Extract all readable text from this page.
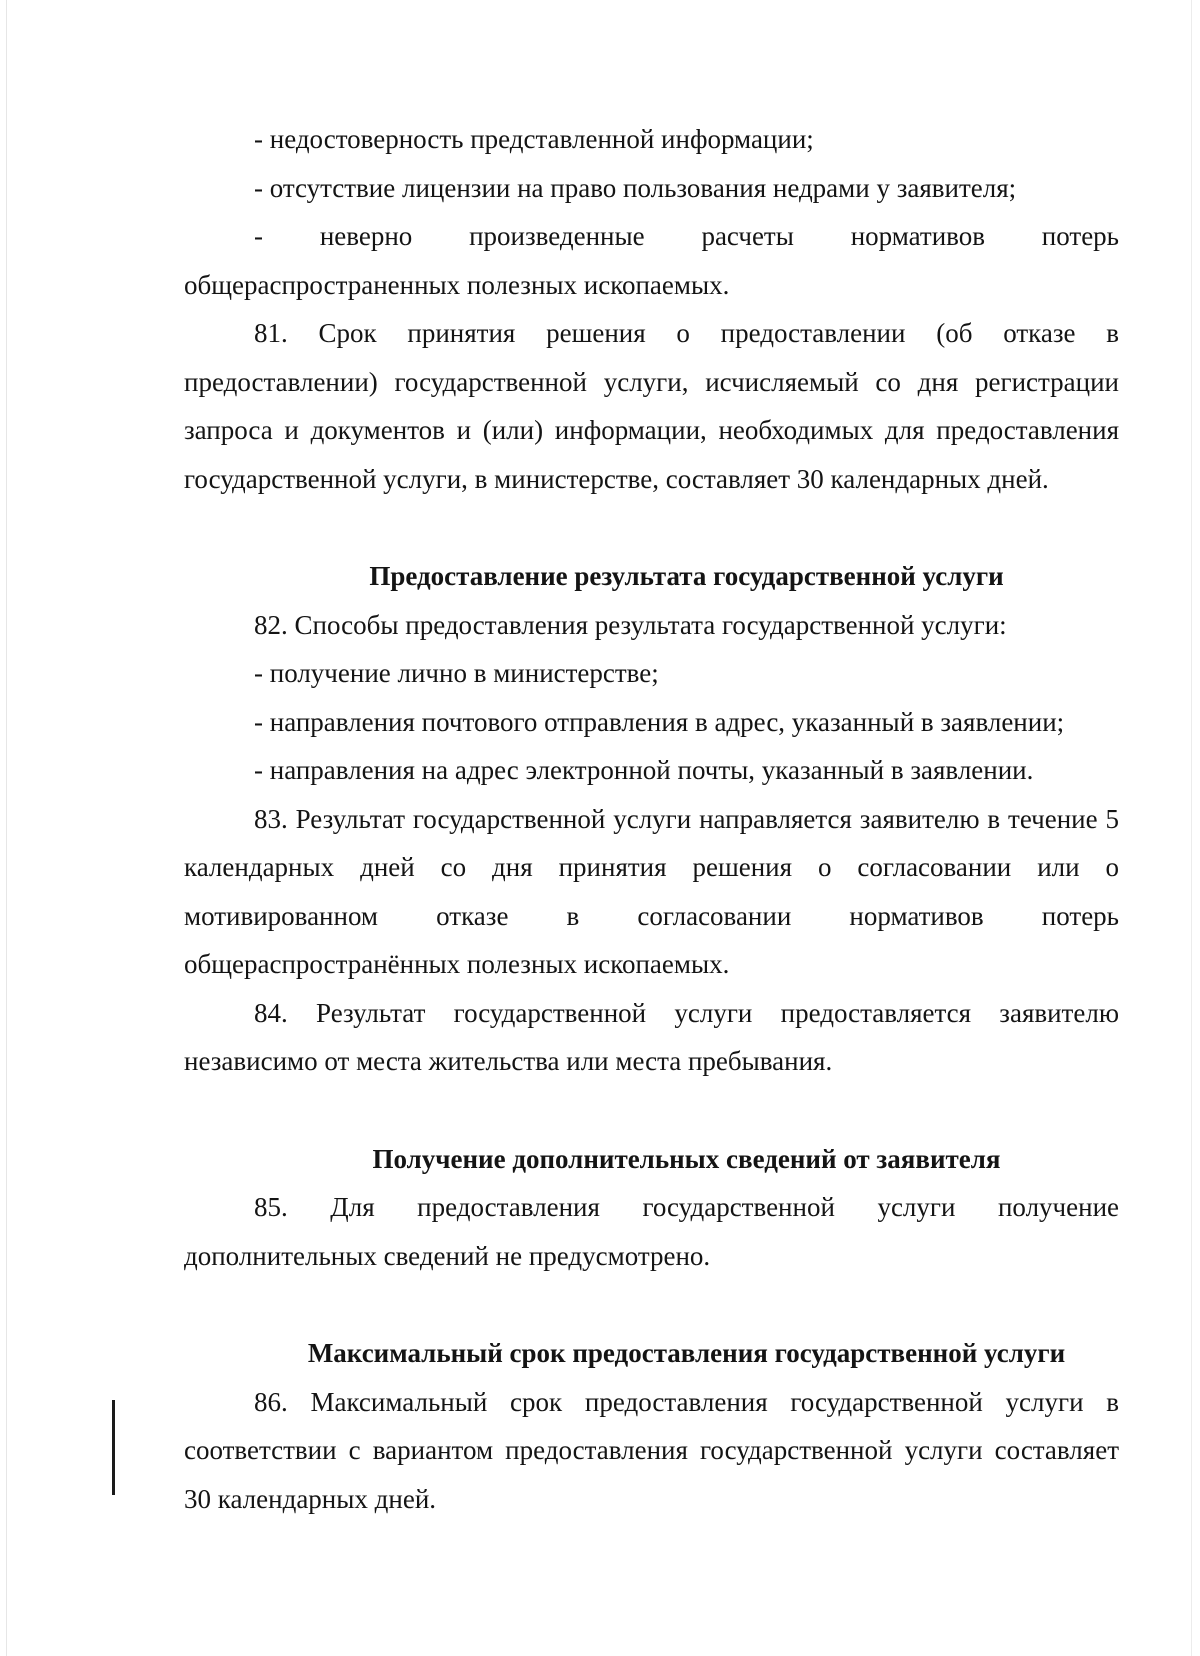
- недостоверность представленной информации;

- отсутствие лицензии на право пользования недрами у заявителя;

- неверно произведенные расчеты нормативов потерь общераспространенных полезных ископаемых.

81. Срок принятия решения о предоставлении (об отказе в предоставлении) государственной услуги, исчисляемый со дня регистрации запроса и документов и (или) информации, необходимых для предоставления государственной услуги, в министерстве, составляет 30 календарных дней.

Предоставление результата государственной услуги

82. Способы предоставления результата государственной услуги:

- получение лично в министерстве;

- направления почтового отправления в адрес, указанный в заявлении;

- направления на адрес электронной почты, указанный в заявлении.

83. Результат государственной услуги направляется заявителю в течение 5 календарных дней со дня принятия решения о согласовании или о мотивированном отказе в согласовании нормативов потерь общераспространённых полезных ископаемых.

84. Результат государственной услуги предоставляется заявителю независимо от места жительства или места пребывания.

Получение дополнительных сведений от заявителя

85. Для предоставления государственной услуги получение дополнительных сведений не предусмотрено.

Максимальный срок предоставления государственной услуги

86. Максимальный срок предоставления государственной услуги в соответствии с вариантом предоставления государственной услуги составляет 30 календарных дней.
